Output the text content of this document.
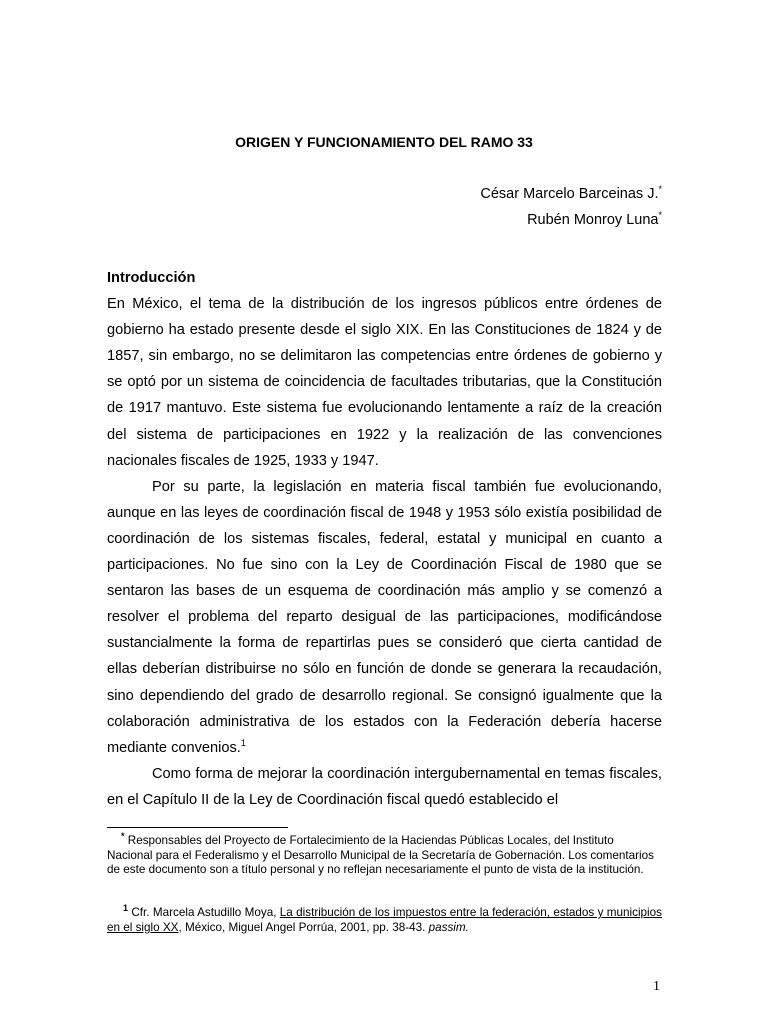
ORIGEN Y FUNCIONAMIENTO DEL RAMO 33
César Marcelo Barceinas J.*
Rubén Monroy Luna*

Introducción

En México, el tema de la distribución de los ingresos públicos entre órdenes de gobierno ha estado presente desde el siglo XIX. En las Constituciones de 1824 y de 1857, sin embargo, no se delimitaron las competencias entre órdenes de gobierno y se optó por un sistema de coincidencia de facultades tributarias, que la Constitución de 1917 mantuvo. Este sistema fue evolucionando lentamente a raíz de la creación del sistema de participaciones en 1922 y la realización de las convenciones nacionales fiscales de 1925, 1933 y 1947.

Por su parte, la legislación en materia fiscal también fue evolucionando, aunque en las leyes de coordinación fiscal de 1948 y 1953 sólo existía posibilidad de coordinación de los sistemas fiscales, federal, estatal y municipal en cuanto a participaciones. No fue sino con la Ley de Coordinación Fiscal de 1980 que se sentaron las bases de un esquema de coordinación más amplio y se comenzó a resolver el problema del reparto desigual de las participaciones, modificándose sustancialmente la forma de repartirlas pues se consideró que cierta cantidad de ellas deberían distribuirse no sólo en función de donde se generara la recaudación, sino dependiendo del grado de desarrollo regional. Se consignó igualmente que la colaboración administrativa de los estados con la Federación debería hacerse mediante convenios.$^1$

Como forma de mejorar la coordinación intergubernamental en temas fiscales, en el Capítulo II de la Ley de Coordinación fiscal quedó establecido el

* Responsables del Proyecto de Fortalecimiento de la Haciendas Públicas Locales, del Instituto Nacional para el Federalismo y el Desarrollo Municipal de la Secretaría de Gobernación. Los comentarios de este documento son a título personal y no reflejan necesariamente el punto de vista de la institución.

$^1$ Cfr. Marcela Astudillo Moya, La distribución de los impuestos entre la federación, estados y municipios en el siglo XX, México, Miguel Angel Porrúa, 2001, pp. 38-43. passim.

1
